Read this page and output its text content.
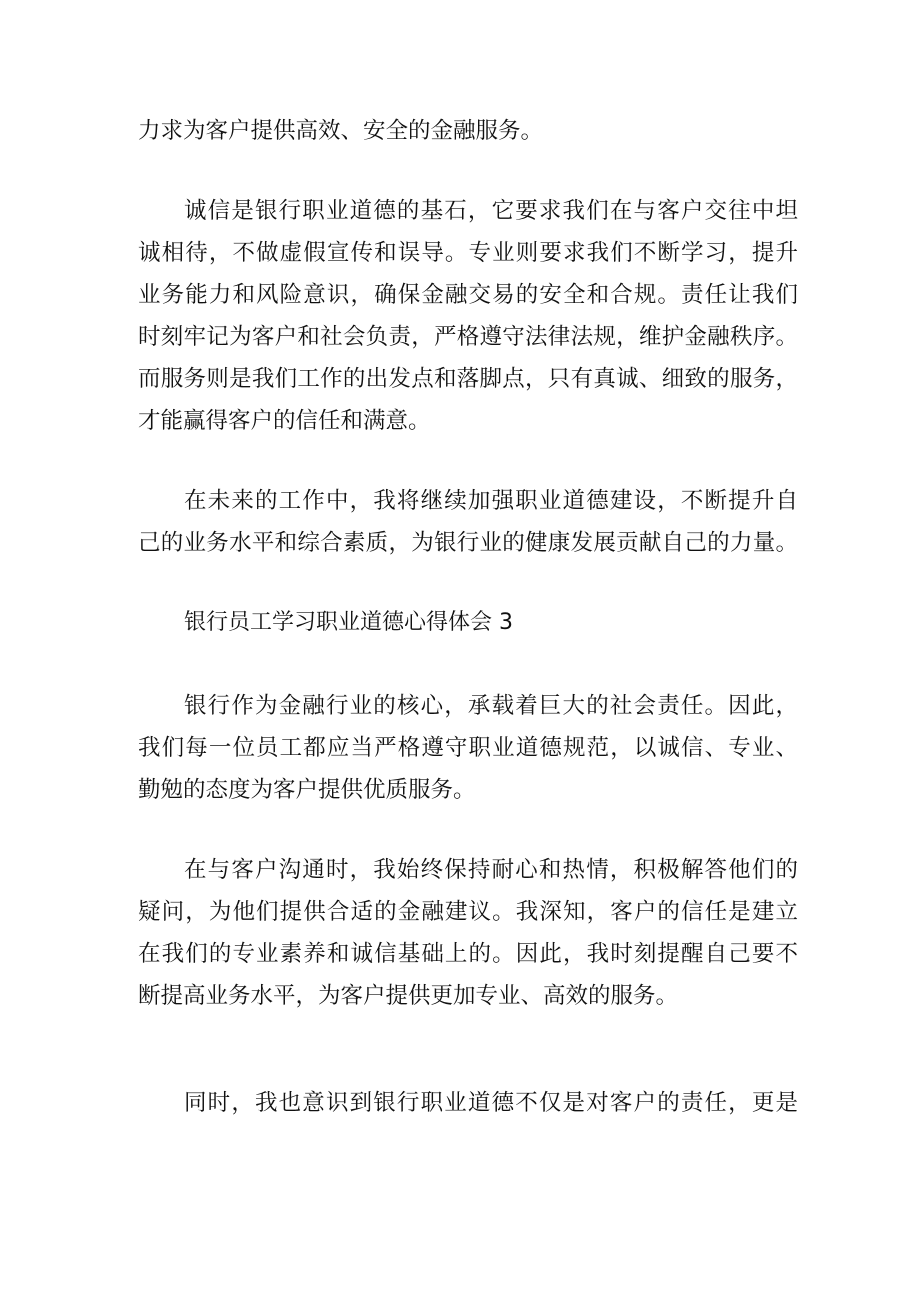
力求为客户提供高效、安全的金融服务。
诚信是银行职业道德的基石，它要求我们在与客户交往中坦
诚相待，不做虚假宣传和误导。专业则要求我们不断学习，提升
业务能力和风险意识，确保金融交易的安全和合规。责任让我们
时刻牢记为客户和社会负责，严格遵守法律法规，维护金融秩序。
而服务则是我们工作的出发点和落脚点，只有真诚、细致的服务，
才能赢得客户的信任和满意。
在未来的工作中，我将继续加强职业道德建设，不断提升自
己的业务水平和综合素质，为银行业的健康发展贡献自己的力量。
银行员工学习职业道德心得体会 3
银行作为金融行业的核心，承载着巨大的社会责任。因此，
我们每一位员工都应当严格遵守职业道德规范，以诚信、专业、
勤勉的态度为客户提供优质服务。
在与客户沟通时，我始终保持耐心和热情，积极解答他们的
疑问，为他们提供合适的金融建议。我深知，客户的信任是建立
在我们的专业素养和诚信基础上的。因此，我时刻提醒自己要不
断提高业务水平，为客户提供更加专业、高效的服务。
同时，我也意识到银行职业道德不仅是对客户的责任，更是
